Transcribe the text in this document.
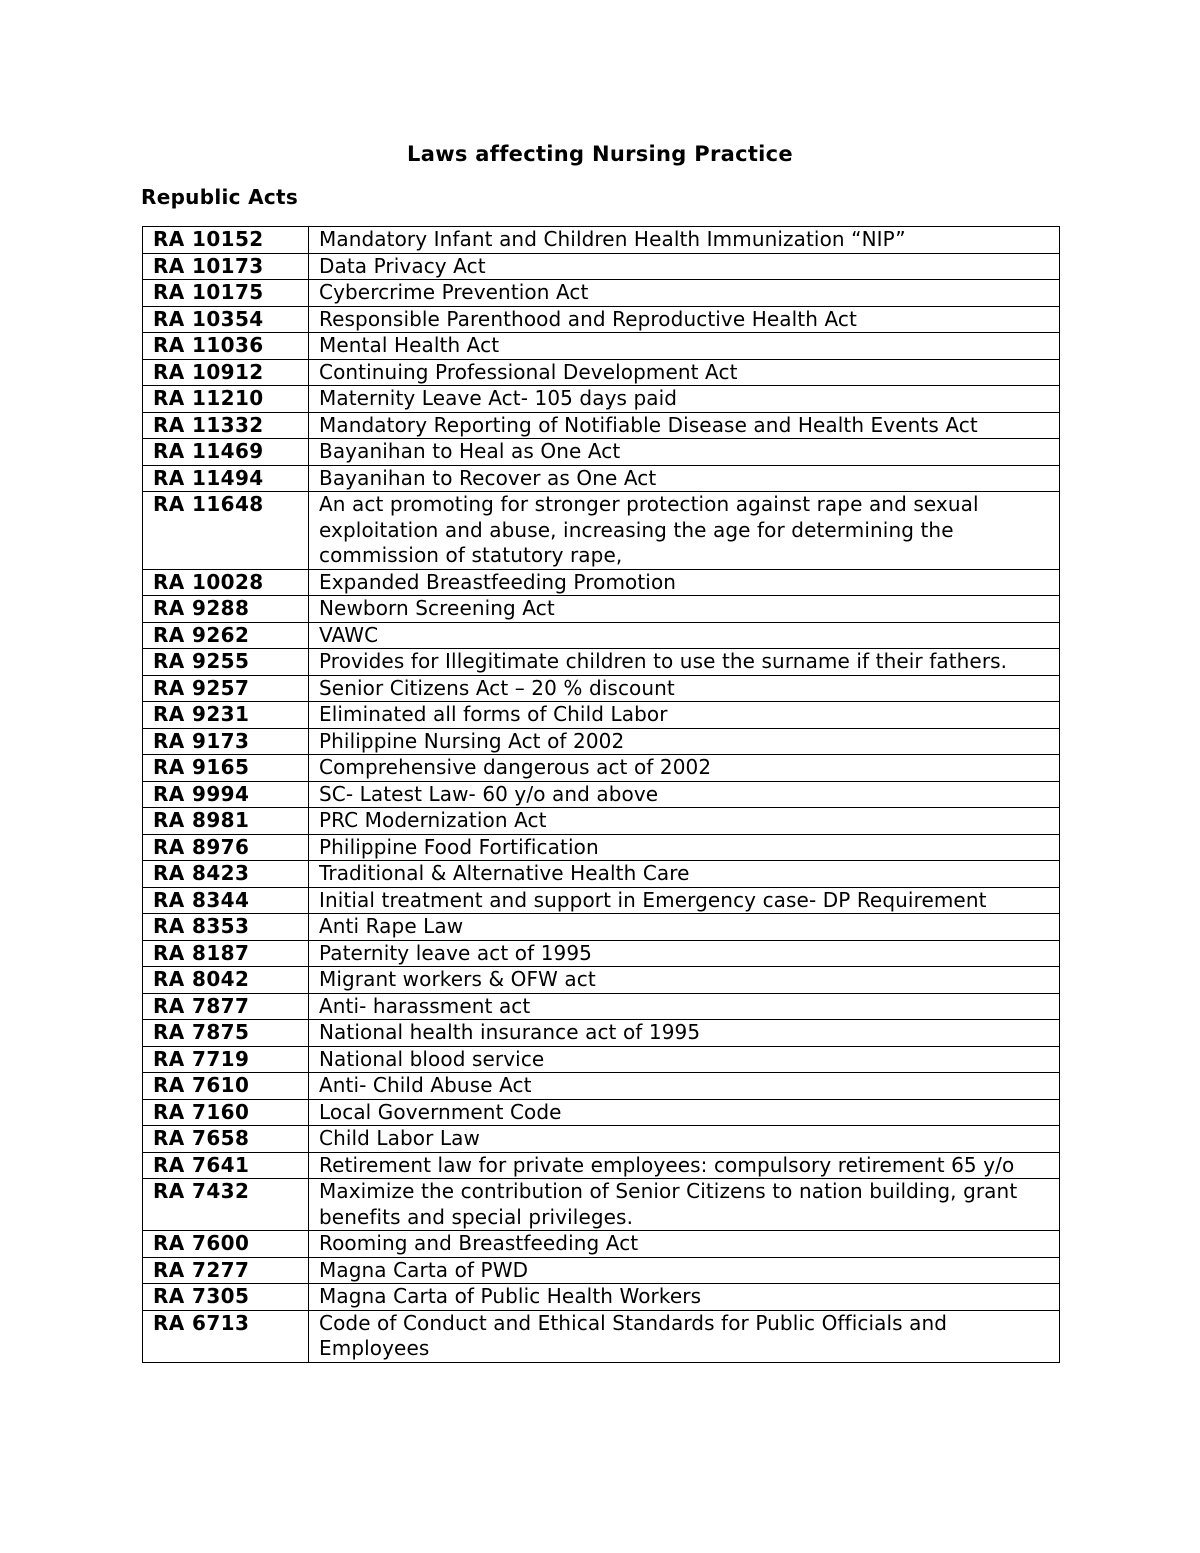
Laws affecting Nursing Practice
Republic Acts
RA 10152	Mandatory Infant and Children Health Immunization “NIP”
RA 10173	Data Privacy Act
RA 10175	Cybercrime Prevention Act
RA 10354	Responsible Parenthood and Reproductive Health Act
RA 11036	Mental Health Act
RA 10912	Continuing Professional Development Act
RA 11210	Maternity Leave Act- 105 days paid
RA 11332	Mandatory Reporting of Notifiable Disease and Health Events Act
RA 11469	Bayanihan to Heal as One Act
RA 11494	Bayanihan to Recover as One Act
RA 11648	An act promoting for stronger protection against rape and sexual exploitation and abuse, increasing the age for determining the commission of statutory rape,
RA 10028	Expanded Breastfeeding Promotion
RA 9288	Newborn Screening Act
RA 9262	VAWC
RA 9255	Provides for Illegitimate children to use the surname if their fathers.
RA 9257	Senior Citizens Act – 20 % discount
RA 9231	Eliminated all forms of Child Labor
RA 9173	Philippine Nursing Act of 2002
RA 9165	Comprehensive dangerous act of 2002
RA 9994	SC- Latest Law- 60 y/o and above
RA 8981	PRC Modernization Act
RA 8976	Philippine Food Fortification
RA 8423	Traditional & Alternative Health Care
RA 8344	Initial treatment and support in Emergency case- DP Requirement
RA 8353	Anti Rape Law
RA 8187	Paternity leave act of 1995
RA 8042	Migrant workers & OFW act
RA 7877	Anti- harassment act
RA 7875	National health insurance act of 1995
RA 7719	National blood service
RA 7610	Anti- Child Abuse Act
RA 7160	Local Government Code
RA 7658	Child Labor Law
RA 7641	Retirement law for private employees: compulsory retirement 65 y/o
RA 7432	Maximize the contribution of Senior Citizens to nation building, grant benefits and special privileges.
RA 7600	Rooming and Breastfeeding Act
RA 7277	Magna Carta of PWD
RA 7305	Magna Carta of Public Health Workers
RA 6713	Code of Conduct and Ethical Standards for Public Officials and Employees
